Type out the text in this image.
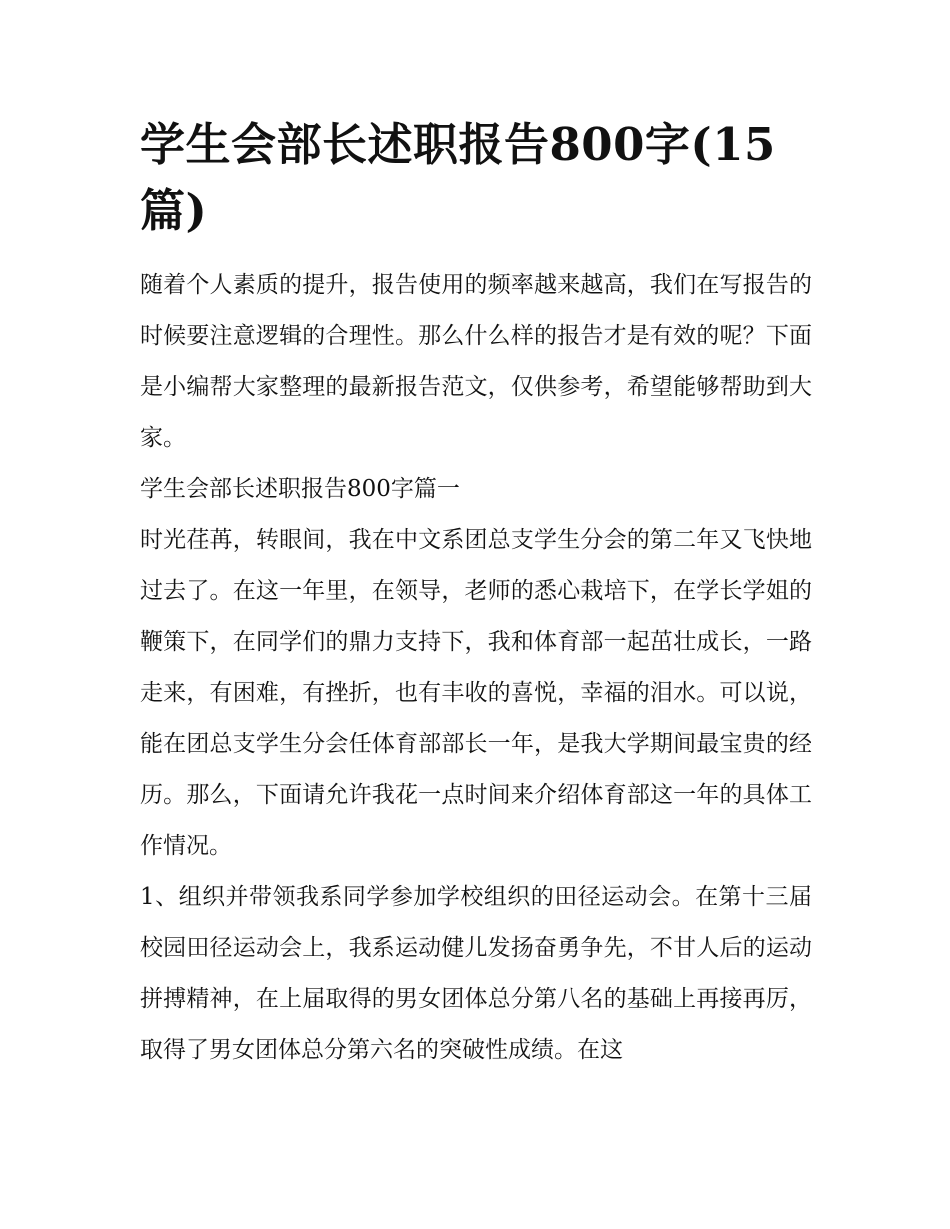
学生会部长述职报告800字(15篇)

随着个人素质的提升，报告使用的频率越来越高，我们在写报告的时候要注意逻辑的合理性。那么什么样的报告才是有效的呢？下面是小编帮大家整理的最新报告范文，仅供参考，希望能够帮助到大家。

学生会部长述职报告800字篇一

时光荏苒，转眼间，我在中文系团总支学生分会的第二年又飞快地过去了。在这一年里，在领导，老师的悉心栽培下，在学长学姐的鞭策下，在同学们的鼎力支持下，我和体育部一起茁壮成长，一路走来，有困难，有挫折，也有丰收的喜悦，幸福的泪水。可以说，能在团总支学生分会任体育部部长一年，是我大学期间最宝贵的经历。那么，下面请允许我花一点时间来介绍体育部这一年的具体工作情况。

1、组织并带领我系同学参加学校组织的田径运动会。在第十三届校园田径运动会上，我系运动健儿发扬奋勇争先，不甘人后的运动拼搏精神，在上届取得的男女团体总分第八名的基础上再接再厉，取得了男女团体总分第六名的突破性成绩。在这
